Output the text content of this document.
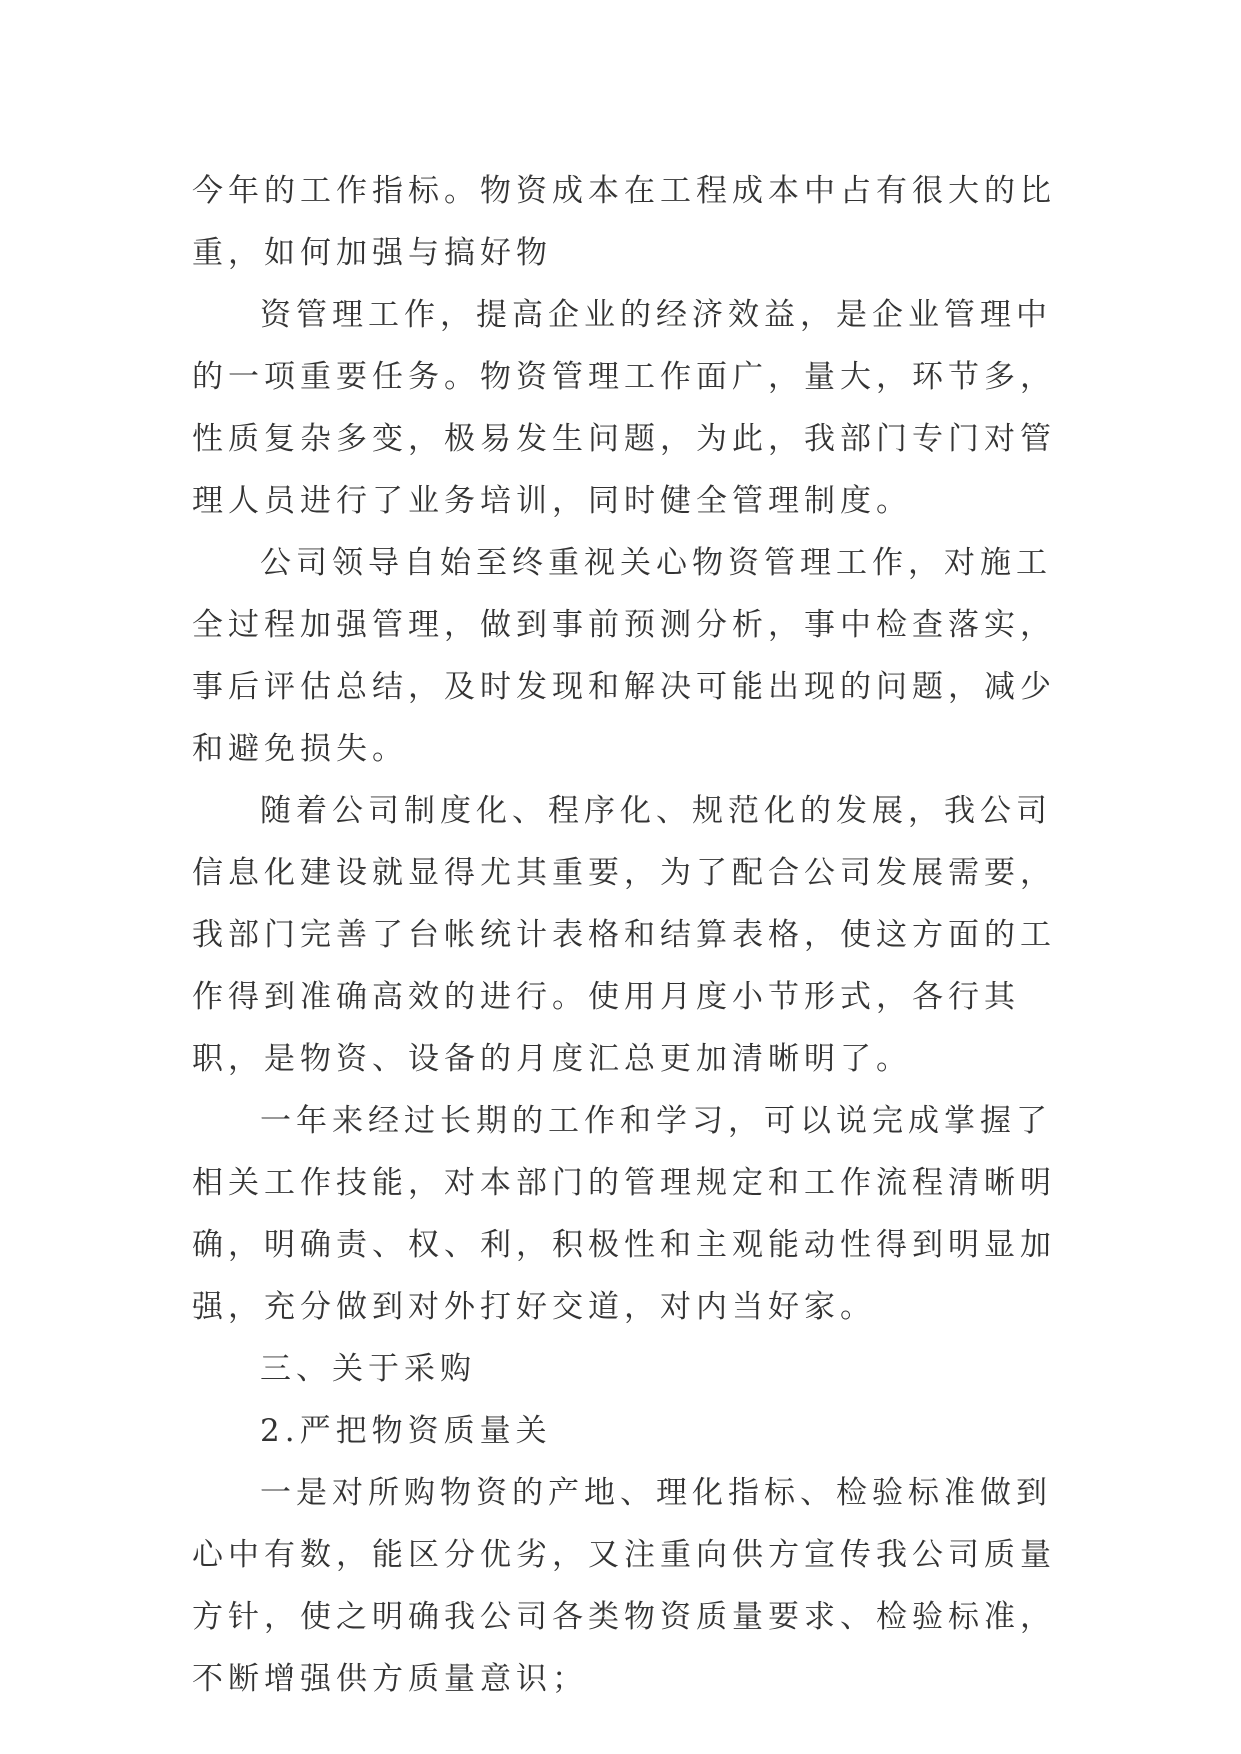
今年的工作指标。物资成本在工程成本中占有很大的比重，如何加强与搞好物

资管理工作，提高企业的经济效益，是企业管理中的一项重要任务。物资管理工作面广，量大，环节多，性质复杂多变，极易发生问题，为此，我部门专门对管理人员进行了业务培训，同时健全管理制度。

公司领导自始至终重视关心物资管理工作，对施工全过程加强管理，做到事前预测分析，事中检查落实，事后评估总结，及时发现和解决可能出现的问题，减少和避免损失。

随着公司制度化、程序化、规范化的发展，我公司信息化建设就显得尤其重要，为了配合公司发展需要，我部门完善了台帐统计表格和结算表格，使这方面的工作得到准确高效的进行。使用月度小节形式，各行其职，是物资、设备的月度汇总更加清晰明了。

一年来经过长期的工作和学习，可以说完成掌握了相关工作技能，对本部门的管理规定和工作流程清晰明确，明确责、权、利，积极性和主观能动性得到明显加强，充分做到对外打好交道，对内当好家。

三、关于采购

2.严把物资质量关

一是对所购物资的产地、理化指标、检验标准做到心中有数，能区分优劣，又注重向供方宣传我公司质量方针，使之明确我公司各类物资质量要求、检验标准，不断增强供方质量意识；
